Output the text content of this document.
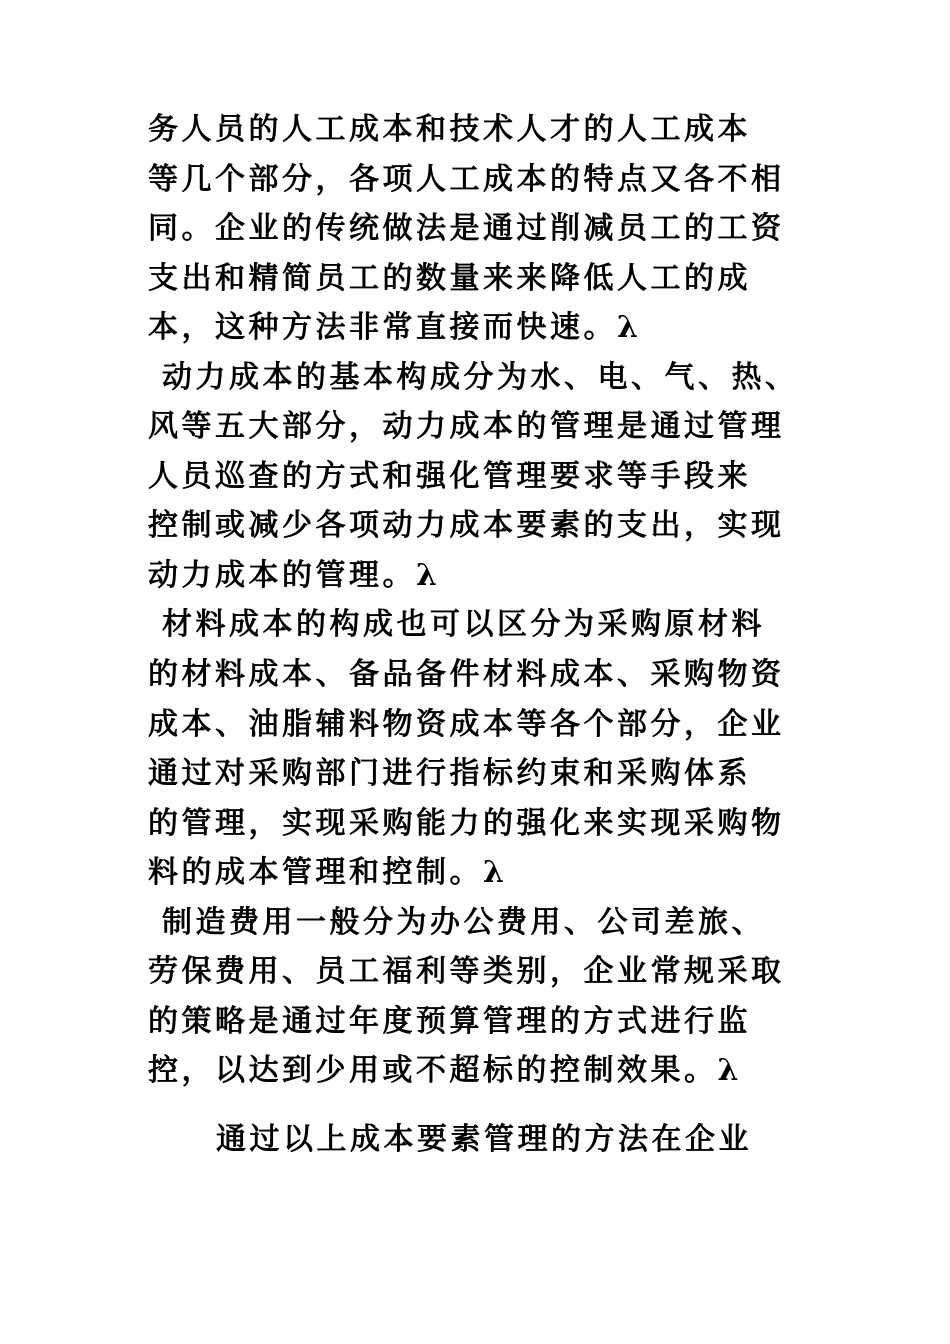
务人员的人工成本和技术人才的人工成本
等几个部分，各项人工成本的特点又各不相
同。企业的传统做法是通过削减员工的工资
支出和精简员工的数量来来降低人工的成
本，这种方法非常直接而快速。λ
动力成本的基本构成分为水、电、气、热、
风等五大部分，动力成本的管理是通过管理
人员巡查的方式和强化管理要求等手段来
控制或减少各项动力成本要素的支出，实现
动力成本的管理。λ
材料成本的构成也可以区分为采购原材料
的材料成本、备品备件材料成本、采购物资
成本、油脂辅料物资成本等各个部分，企业
通过对采购部门进行指标约束和采购体系
的管理，实现采购能力的强化来实现采购物
料的成本管理和控制。λ
制造费用一般分为办公费用、公司差旅、
劳保费用、员工福利等类别，企业常规采取
的策略是通过年度预算管理的方式进行监
控，以达到少用或不超标的控制效果。λ
通过以上成本要素管理的方法在企业
